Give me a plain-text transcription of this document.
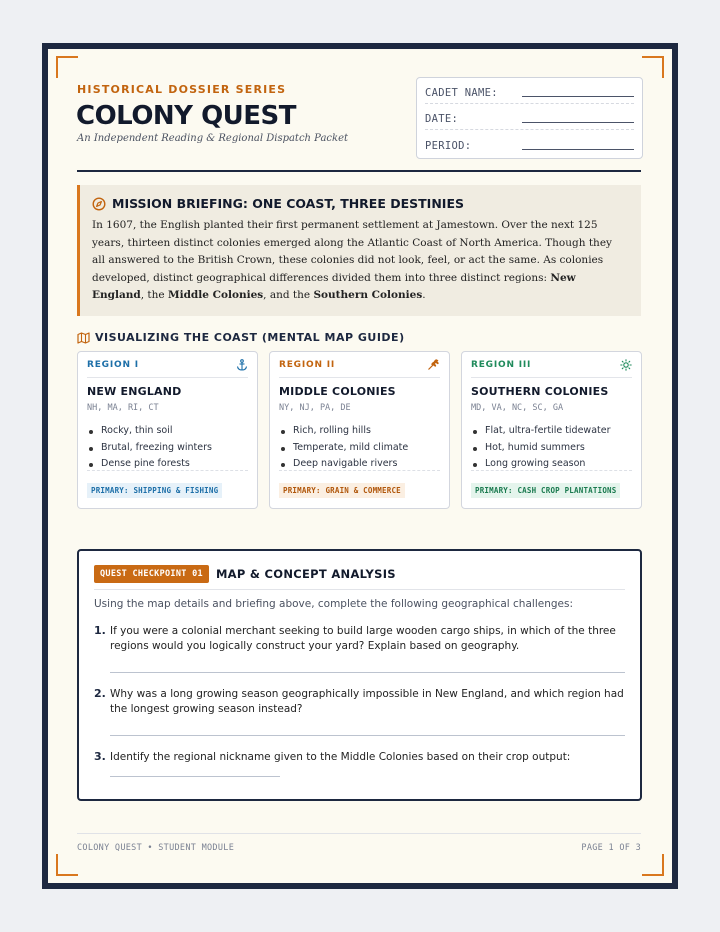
HISTORICAL DOSSIER SERIES
COLONY QUEST
An Independent Reading & Regional Dispatch Packet
CADET NAME:
DATE:
PERIOD:
MISSION BRIEFING: ONE COAST, THREE DESTINIES

In 1607, the English planted their first permanent settlement at Jamestown. Over the next 125 years, thirteen distinct colonies emerged along the Atlantic Coast of North America. Though they all answered to the British Crown, these colonies did not look, feel, or act the same. As colonies developed, distinct geographical differences divided them into three distinct regions: New England, the Middle Colonies, and the Southern Colonies.

VISUALIZING THE COAST (MENTAL MAP GUIDE)
REGION I
NEW ENGLAND
NH, MA, RI, CT
Rocky, thin soil
Brutal, freezing winters
Dense pine forests
PRIMARY: SHIPPING & FISHING
REGION II
MIDDLE COLONIES
NY, NJ, PA, DE
Rich, rolling hills
Temperate, mild climate
Deep navigable rivers
PRIMARY: GRAIN & COMMERCE
REGION III
SOUTHERN COLONIES
MD, VA, NC, SC, GA
Flat, ultra-fertile tidewater
Hot, humid summers
Long growing season
PRIMARY: CASH CROP PLANTATIONS
QUEST CHECKPOINT 01	MAP & CONCEPT ANALYSIS
Using the map details and briefing above, complete the following geographical challenges:
1. If you were a colonial merchant seeking to build large wooden cargo ships, in which of the three regions would you logically construct your yard? Explain based on geography.
2. Why was a long growing season geographically impossible in New England, and which region had the longest growing season instead?
3. Identify the regional nickname given to the Middle Colonies based on their crop output:
COLONY QUEST • STUDENT MODULE	PAGE 1 OF 3
